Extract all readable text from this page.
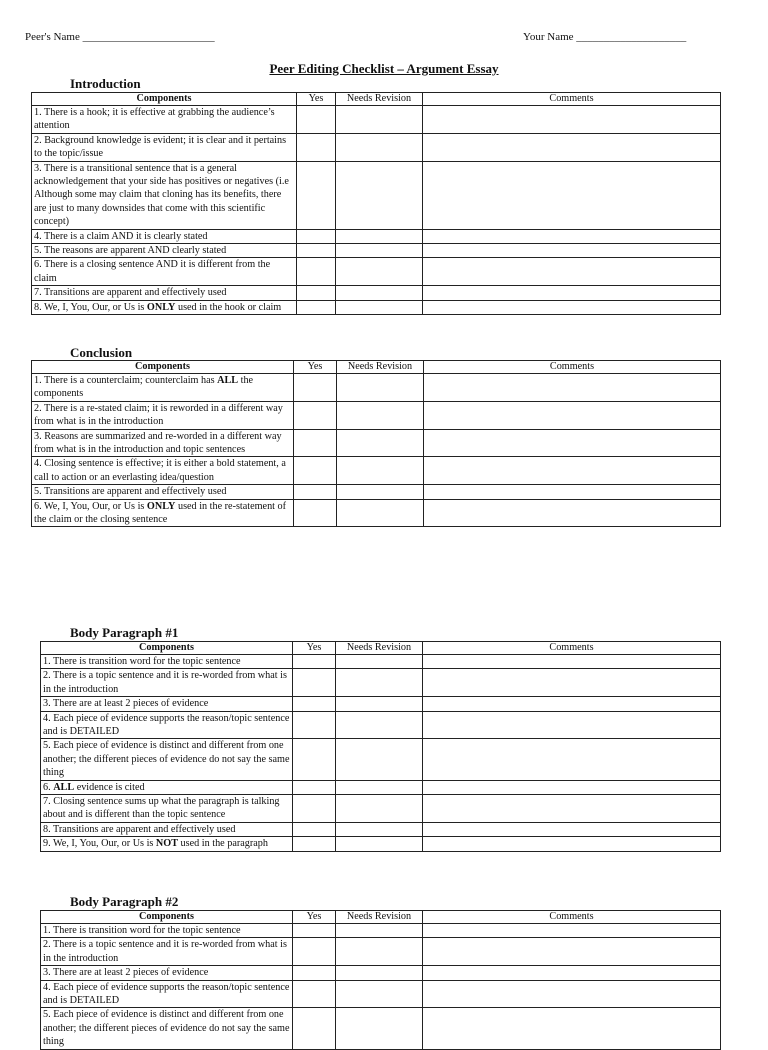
Peer's Name ________________________	Your Name ____________________
Peer Editing Checklist – Argument Essay
Introduction
Components	Yes	Needs Revision	Comments
1. There is a hook; it is effective at grabbing the audience’s attention			
2. Background knowledge is evident; it is clear and it pertains to the topic/issue			
3. There is a transitional sentence that is a general acknowledgement that your side has positives or negatives (i.e Although some may claim that cloning has its benefits, there are just to many downsides that come with this scientific concept)			
4. There is a claim AND it is clearly stated			
5. The reasons are apparent AND clearly stated			
6. There is a closing sentence AND it is different from the claim			
7. Transitions are apparent and effectively used			
8. We, I, You, Our, or Us is ONLY used in the hook or claim			
Conclusion
Components	Yes	Needs Revision	Comments
1. There is a counterclaim; counterclaim has ALL the components			
2. There is a re-stated claim; it is reworded in a different way from what is in the introduction			
3. Reasons are summarized and re-worded in a different way from what is in the introduction and topic sentences			
4. Closing sentence is effective; it is either a bold statement, a call to action or an everlasting idea/question			
5. Transitions are apparent and effectively used			
6. We, I, You, Our, or Us is ONLY used in the re-statement of the claim or the closing sentence			
Body Paragraph #1
Components	Yes	Needs Revision	Comments
1. There is transition word for the topic sentence			
2. There is a topic sentence and it is re-worded from what is in the introduction			
3. There are at least 2 pieces of evidence			
4. Each piece of evidence supports the reason/topic sentence and is DETAILED			
5. Each piece of evidence is distinct and different from one another; the different pieces of evidence do not say the same thing			
6. ALL evidence is cited			
7. Closing sentence sums up what the paragraph is talking about and is different than the topic sentence			
8. Transitions are apparent and effectively used			
9. We, I, You, Our, or Us is NOT used in the paragraph			
Body Paragraph #2
Components	Yes	Needs Revision	Comments
1. There is transition word for the topic sentence			
2. There is a topic sentence and it is re-worded from what is in the introduction			
3. There are at least 2 pieces of evidence			
4. Each piece of evidence supports the reason/topic sentence and is DETAILED			
5. Each piece of evidence is distinct and different from one another; the different pieces of evidence do not say the same thing			
